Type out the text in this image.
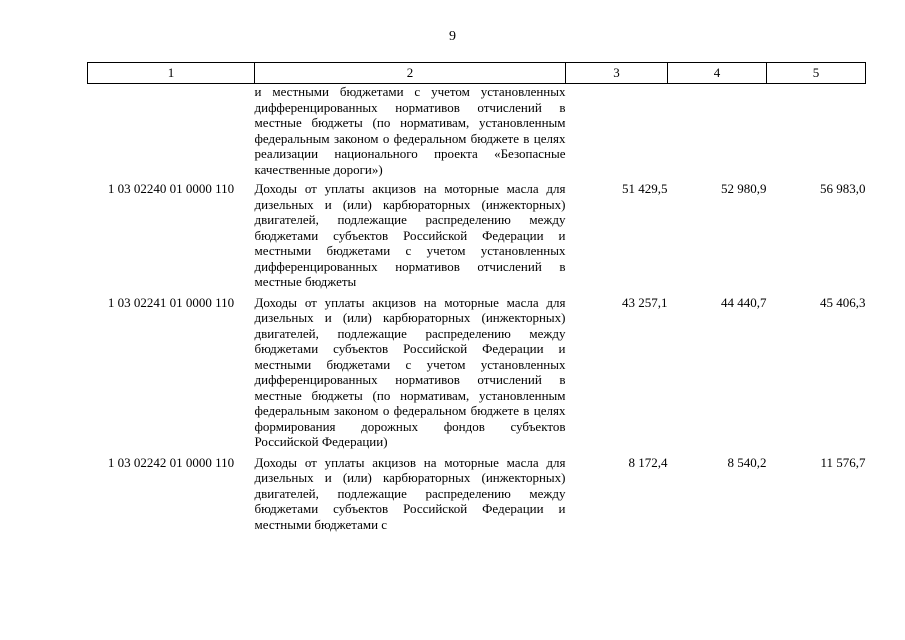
9
1	2	3	4	5
	и местными бюджетами с учетом установленных дифференцированных нормативов отчислений в местные бюджеты (по нормативам, установленным федеральным законом о федеральном бюджете в целях реализации национального проекта «Безопасные качественные дороги»)			
1 03 02240 01 0000 110	Доходы от уплаты акцизов на моторные масла для дизельных и (или) карбюраторных (инжекторных) двигателей, подлежащие распределению между бюджетами субъектов Российской Федерации и местными бюджетами с учетом установленных дифференцированных нормативов отчислений в местные бюджеты	51 429,5	52 980,9	56 983,0
1 03 02241 01 0000 110	Доходы от уплаты акцизов на моторные масла для дизельных и (или) карбюраторных (инжекторных) двигателей, подлежащие распределению между бюджетами субъектов Российской Федерации и местными бюджетами с учетом установленных дифференцированных нормативов отчислений в местные бюджеты (по нормативам, установленным федеральным законом о федеральном бюджете в целях формирования дорожных фондов субъектов Российской Федерации)	43 257,1	44 440,7	45 406,3
1 03 02242 01 0000 110	Доходы от уплаты акцизов на моторные масла для дизельных и (или) карбюраторных (инжекторных) двигателей, подлежащие распределению между бюджетами субъектов Российской Федерации и местными бюджетами с	8 172,4	8 540,2	11 576,7
